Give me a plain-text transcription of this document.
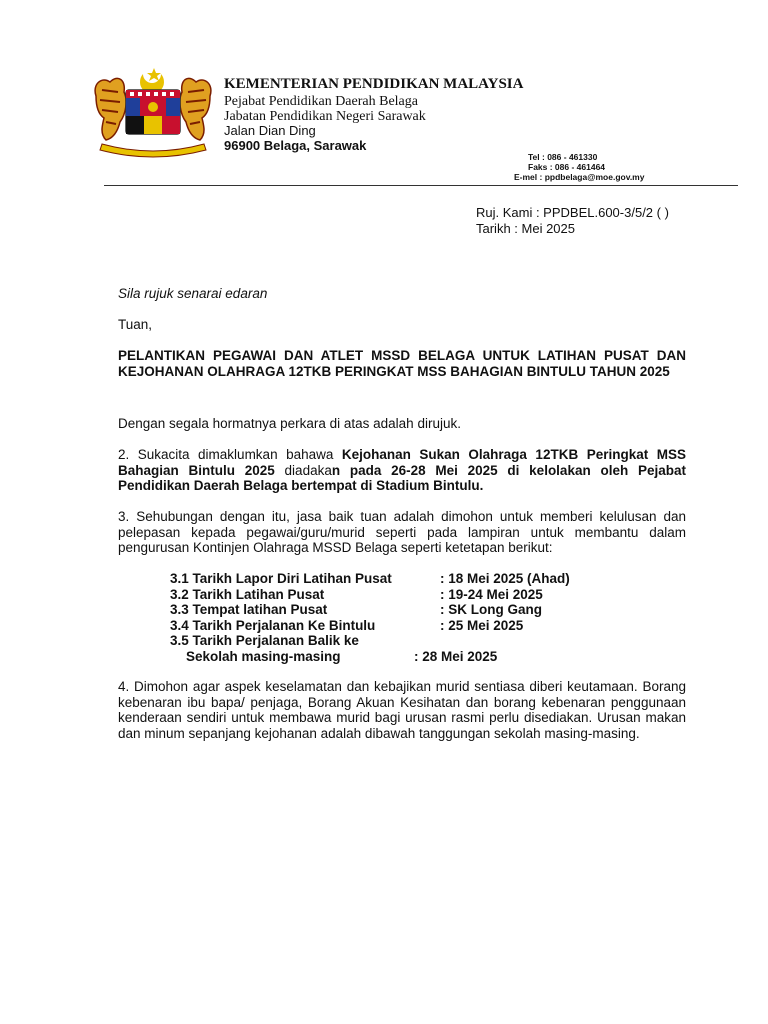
KEMENTERIAN PENDIDIKAN MALAYSIA
Pejabat Pendidikan Daerah Belaga
Jabatan Pendidikan Negeri Sarawak
Jalan Dian Ding
96900 Belaga, Sarawak
Tel : 086 - 461330
Faks : 086 - 461464
E-mel : ppdbelaga@moe.gov.my
Ruj. Kami : PPDBEL.600-3/5/2 ( )
Tarikh : Mei 2025
Sila rujuk senarai edaran
Tuan,
PELANTIKAN PEGAWAI DAN ATLET MSSD BELAGA UNTUK LATIHAN PUSAT DAN KEJOHANAN OLAHRAGA 12TKB PERINGKAT MSS BAHAGIAN BINTULU TAHUN 2025
Dengan segala hormatnya perkara di atas adalah dirujuk.
2. Sukacita dimaklumkan bahawa Kejohanan Sukan Olahraga 12TKB Peringkat MSS Bahagian Bintulu 2025 diadakan pada 26-28 Mei 2025 di kelolakan oleh Pejabat Pendidikan Daerah Belaga bertempat di Stadium Bintulu.
3. Sehubungan dengan itu, jasa baik tuan adalah dimohon untuk memberi kelulusan dan pelepasan kepada pegawai/guru/murid seperti pada lampiran untuk membantu dalam pengurusan Kontinjen Olahraga MSSD Belaga seperti ketetapan berikut:
3.1 Tarikh Lapor Diri Latihan Pusat	: 18 Mei 2025 (Ahad)
3.2 Tarikh Latihan Pusat	: 19-24 Mei 2025
3.3 Tempat latihan Pusat	: SK Long Gang
3.4 Tarikh Perjalanan Ke Bintulu	: 25 Mei 2025
3.5 Tarikh Perjalanan Balik ke
Sekolah masing-masing	: 28 Mei 2025
4. Dimohon agar aspek keselamatan dan kebajikan murid sentiasa diberi keutamaan. Borang kebenaran ibu bapa/ penjaga, Borang Akuan Kesihatan dan borang kebenaran penggunaan kenderaan sendiri untuk membawa murid bagi urusan rasmi perlu disediakan. Urusan makan dan minum sepanjang kejohanan adalah dibawah tanggungan sekolah masing-masing.
